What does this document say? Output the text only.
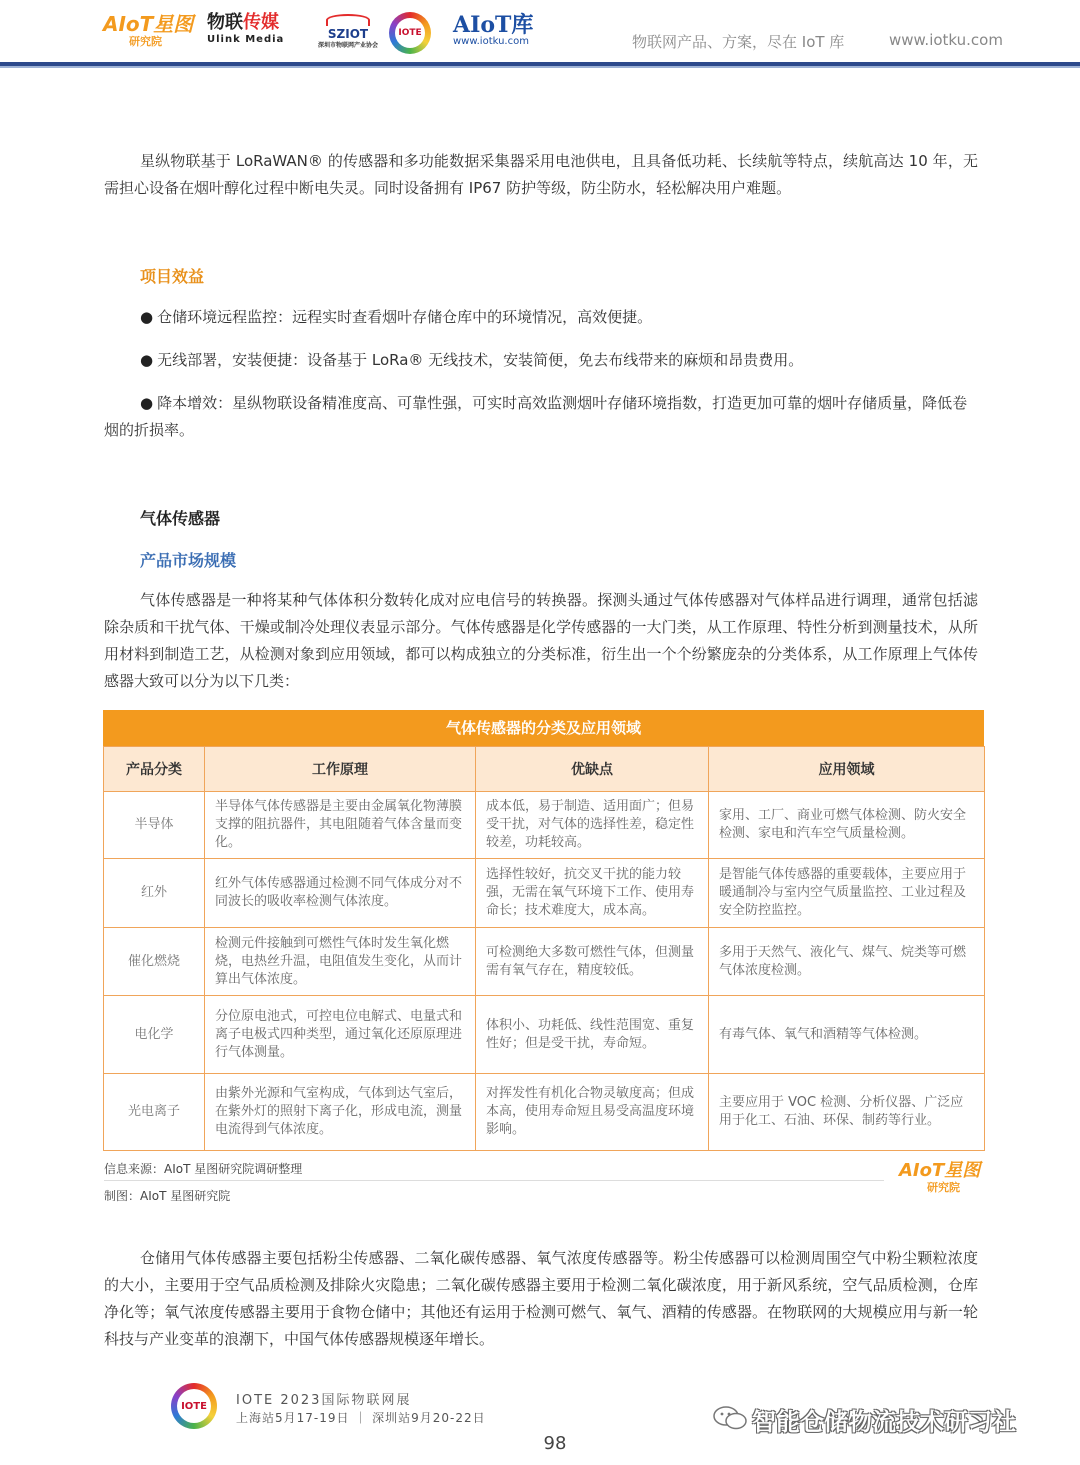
AIoT星图
研究院
物联传媒
Ulink Media	SZIOT
深圳市物联网产业协会
IOTE AIoT库
www.iotku.com	物联网产品、方案，尽在 IoT 库	www.iotku.com

星纵物联基于 LoRaWAN® 的传感器和多功能数据采集器采用电池供电，且具备低功耗、长续航等特点，续航高达 10 年，无需担心设备在烟叶醇化过程中断电失灵。同时设备拥有 IP67 防护等级，防尘防水，轻松解决用户难题。

项目效益

● 仓储环境远程监控：远程实时查看烟叶存储仓库中的环境情况，高效便捷。

● 无线部署，安装便捷：设备基于 LoRa® 无线技术，安装简便，免去布线带来的麻烦和昂贵费用。

● 降本增效：星纵物联设备精准度高、可靠性强，可实时高效监测烟叶存储环境指数，打造更加可靠的烟叶存储质量，降低卷烟的折损率。

气体传感器
产品市场规模

气体传感器是一种将某种气体体积分数转化成对应电信号的转换器。探测头通过气体传感器对气体样品进行调理，通常包括滤除杂质和干扰气体、干燥或制冷处理仪表显示部分。气体传感器是化学传感器的一大门类，从工作原理、特性分析到测量技术，从所用材料到制造工艺，从检测对象到应用领域，都可以构成独立的分类标准，衍生出一个个纷繁庞杂的分类体系，从工作原理上气体传感器大致可以分为以下几类：

气体传感器的分类及应用领域
产品分类	工作原理	优缺点	应用领域
半导体	半导体气体传感器是主要由金属氧化物薄膜支撑的阻抗器件，其电阻随着气体含量而变化。	成本低，易于制造、适用面广；但易受干扰，对气体的选择性差，稳定性较差，功耗较高。	家用、工厂、商业可燃气体检测、防火安全检测、家电和汽车空气质量检测。
红外	红外气体传感器通过检测不同气体成分对不同波长的吸收率检测气体浓度。	选择性较好，抗交叉干扰的能力较强，无需在氧气环境下工作、使用寿命长；技术难度大，成本高。	是智能气体传感器的重要载体，主要应用于暖通制冷与室内空气质量监控、工业过程及安全防控监控。
催化燃烧	检测元件接触到可燃性气体时发生氧化燃烧，电热丝升温，电阻值发生变化，从而计算出气体浓度。	可检测绝大多数可燃性气体，但测量需有氧气存在，精度较低。	多用于天然气、液化气、煤气、烷类等可燃气体浓度检测。
电化学	分位原电池式，可控电位电解式、电量式和离子电极式四种类型，通过氧化还原原理进行气体测量。	体积小、功耗低、线性范围宽、重复性好；但是受干扰，寿命短。	有毒气体、氧气和酒精等气体检测。
光电离子	由紫外光源和气室构成，气体到达气室后，在紫外灯的照射下离子化，形成电流，测量电流得到气体浓度。	对挥发性有机化合物灵敏度高；但成本高，使用寿命短且易受高温度环境影响。	主要应用于 VOC 检测、分析仪器、广泛应用于化工、石油、环保、制药等行业。
信息来源：AIoT 星图研究院调研整理
制图：AIoT 星图研究院
AIoT星图
研究院

仓储用气体传感器主要包括粉尘传感器、二氧化碳传感器、氧气浓度传感器等。粉尘传感器可以检测周围空气中粉尘颗粒浓度的大小，主要用于空气品质检测及排除火灾隐患；二氧化碳传感器主要用于检测二氧化碳浓度，用于新风系统，空气品质检测，仓库净化等；氧气浓度传感器主要用于食物仓储中；其他还有运用于检测可燃气、氧气、酒精的传感器。在物联网的大规模应用与新一轮科技与产业变革的浪潮下，中国气体传感器规模逐年增长。

IOTE	IOTE 2023国际物联网展
上海站5月17-19日 ｜ 深圳站9月20-22日	智能仓储物流技术研习社
98
